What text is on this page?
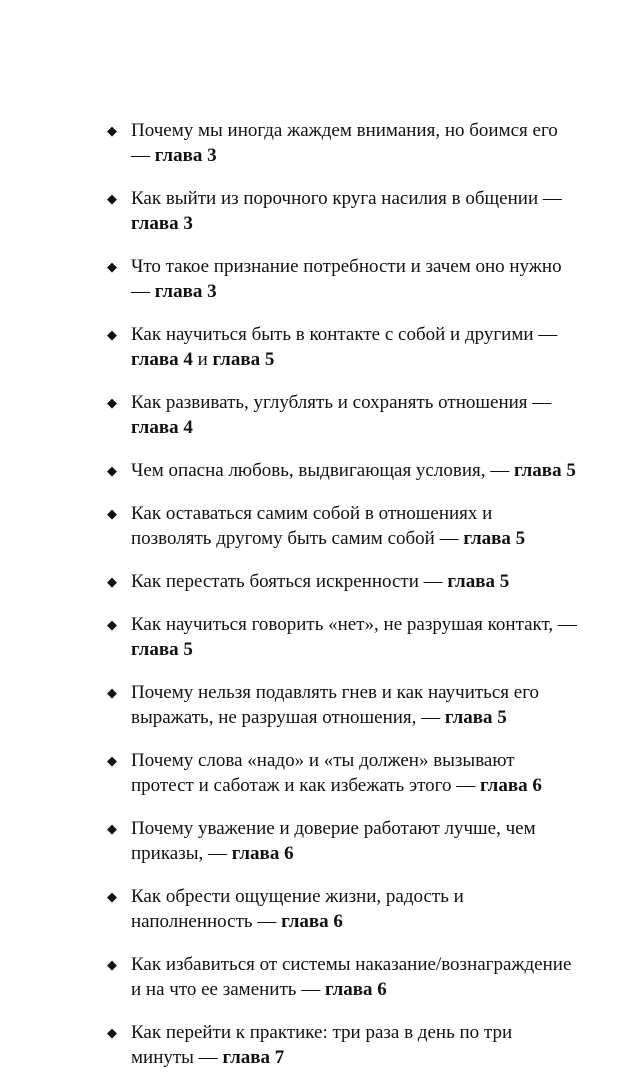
◆ Почему мы иногда жаждем внимания, но боимся его — глава 3
◆ Как выйти из порочного круга насилия в общении — глава 3
◆ Что такое признание потребности и зачем оно нужно — глава 3
◆ Как научиться быть в контакте с собой и другими — глава 4 и глава 5
◆ Как развивать, углублять и сохранять отношения — глава 4
◆ Чем опасна любовь, выдвигающая условия, — глава 5
◆ Как оставаться самим собой в отношениях и позволять другому быть самим собой — глава 5
◆ Как перестать бояться искренности — глава 5
◆ Как научиться говорить «нет», не разрушая контакт, — глава 5
◆ Почему нельзя подавлять гнев и как научиться его выражать, не разрушая отношения, — глава 5
◆ Почему слова «надо» и «ты должен» вызывают протест и саботаж и как избежать этого — глава 6
◆ Почему уважение и доверие работают лучше, чем приказы, — глава 6
◆ Как обрести ощущение жизни, радость и наполненность — глава 6
◆ Как избавиться от системы наказание/вознаграждение и на что ее заменить — глава 6
◆ Как перейти к практике: три раза в день по три минуты — глава 7
